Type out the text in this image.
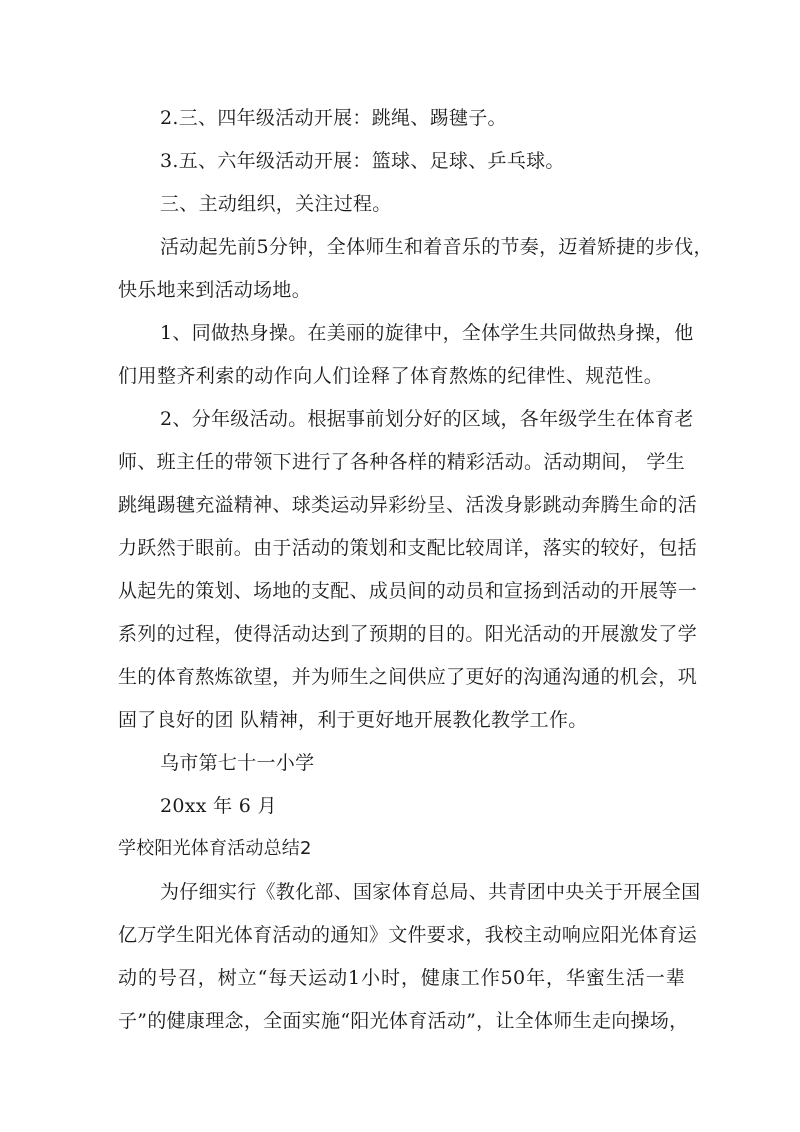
2.三、四年级活动开展：跳绳、踢毽子。

3.五、六年级活动开展：篮球、足球、乒乓球。

三、主动组织，关注过程。

活动起先前5分钟，全体师生和着音乐的节奏，迈着矫捷的步伐，

快乐地来到活动场地。

1、同做热身操。在美丽的旋律中，全体学生共同做热身操，他

们用整齐利索的动作向人们诠释了体育熬炼的纪律性、规范性。

2、分年级活动。根据事前划分好的区域，各年级学生在体育老

师、班主任的带领下进行了各种各样的精彩活动。活动期间， 学生

跳绳踢毽充溢精神、球类运动异彩纷呈、活泼身影跳动奔腾生命的活

力跃然于眼前。由于活动的策划和支配比较周详，落实的较好，包括

从起先的策划、场地的支配、成员间的动员和宣扬到活动的开展等一

系列的过程，使得活动达到了预期的目的。阳光活动的开展激发了学

生的体育熬炼欲望，并为师生之间供应了更好的沟通沟通的机会，巩

固了良好的团 队精神，利于更好地开展教化教学工作。

乌市第七十一小学

20xx 年 6 月

学校阳光体育活动总结2

为仔细实行《教化部、国家体育总局、共青团中央关于开展全国

亿万学生阳光体育活动的通知》文件要求，我校主动响应阳光体育运

动的号召，树立“每天运动1小时，健康工作50年，华蜜生活一辈

子”的健康理念，全面实施“阳光体育活动”，让全体师生走向操场，
